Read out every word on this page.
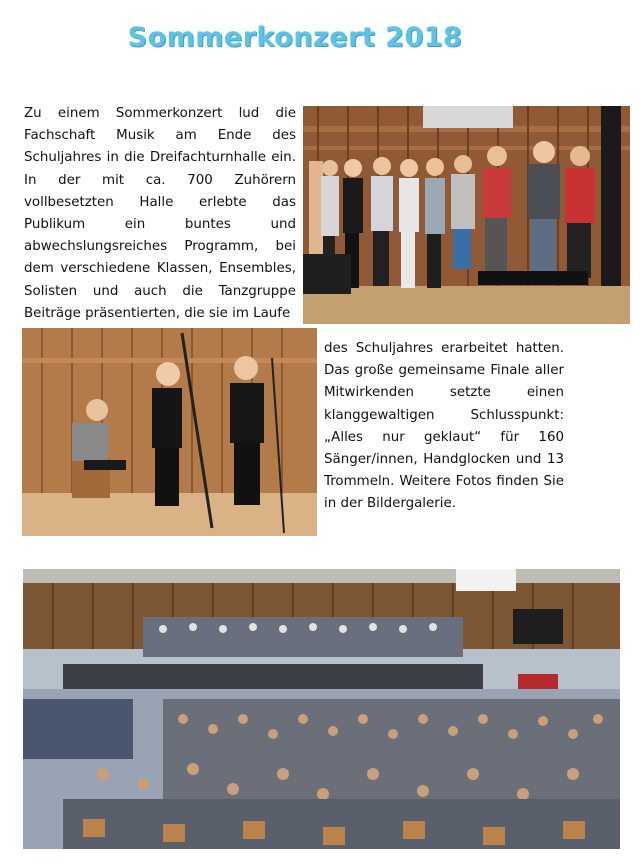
Sommerkonzert 2018
Zu einem Sommerkonzert lud die Fachschaft Musik am Ende des Schuljahres in die Dreifachturnhalle ein. In der mit ca. 700 Zuhörern vollbesetzten Halle erlebte das Publikum ein buntes und abwechslungsreiches Programm, bei dem verschiedene Klassen, Ensembles, Solisten und auch die Tanzgruppe Beiträge präsentierten, die sie im Laufe
des Schuljahres erarbeitet hatten. Das große gemeinsame Finale aller Mitwirkenden setzte einen klanggewaltigen Schlusspunkt: „Alles nur geklaut“ für 160 Sänger/innen, Handglocken und 13 Trommeln. Weitere Fotos finden Sie in der Bildergalerie.
